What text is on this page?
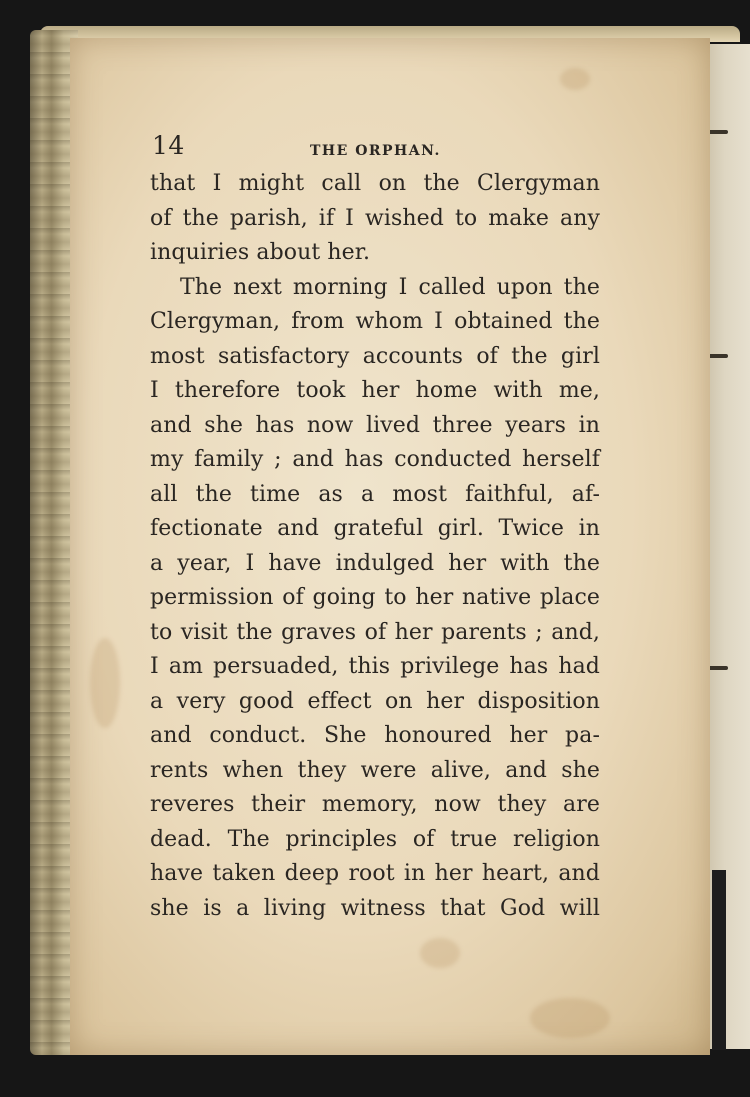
14	THE ORPHAN.
that I might call on the Clergyman
of the parish, if I wished to make any
inquiries about her.
The next morning I called upon the
Clergyman, from whom I obtained the
most satisfactory accounts of the girl
I therefore took her home with me,
and she has now lived three years in
my family ; and has conducted herself
all the time as a most faithful, af-
fectionate and grateful girl. Twice in
a year, I have indulged her with the
permission of going to her native place
to visit the graves of her parents ; and,
I am persuaded, this privilege has had
a very good effect on her disposition
and conduct. She honoured her pa-
rents when they were alive, and she
reveres their memory, now they are
dead. The principles of true religion
have taken deep root in her heart, and
she is a living witness that God will
